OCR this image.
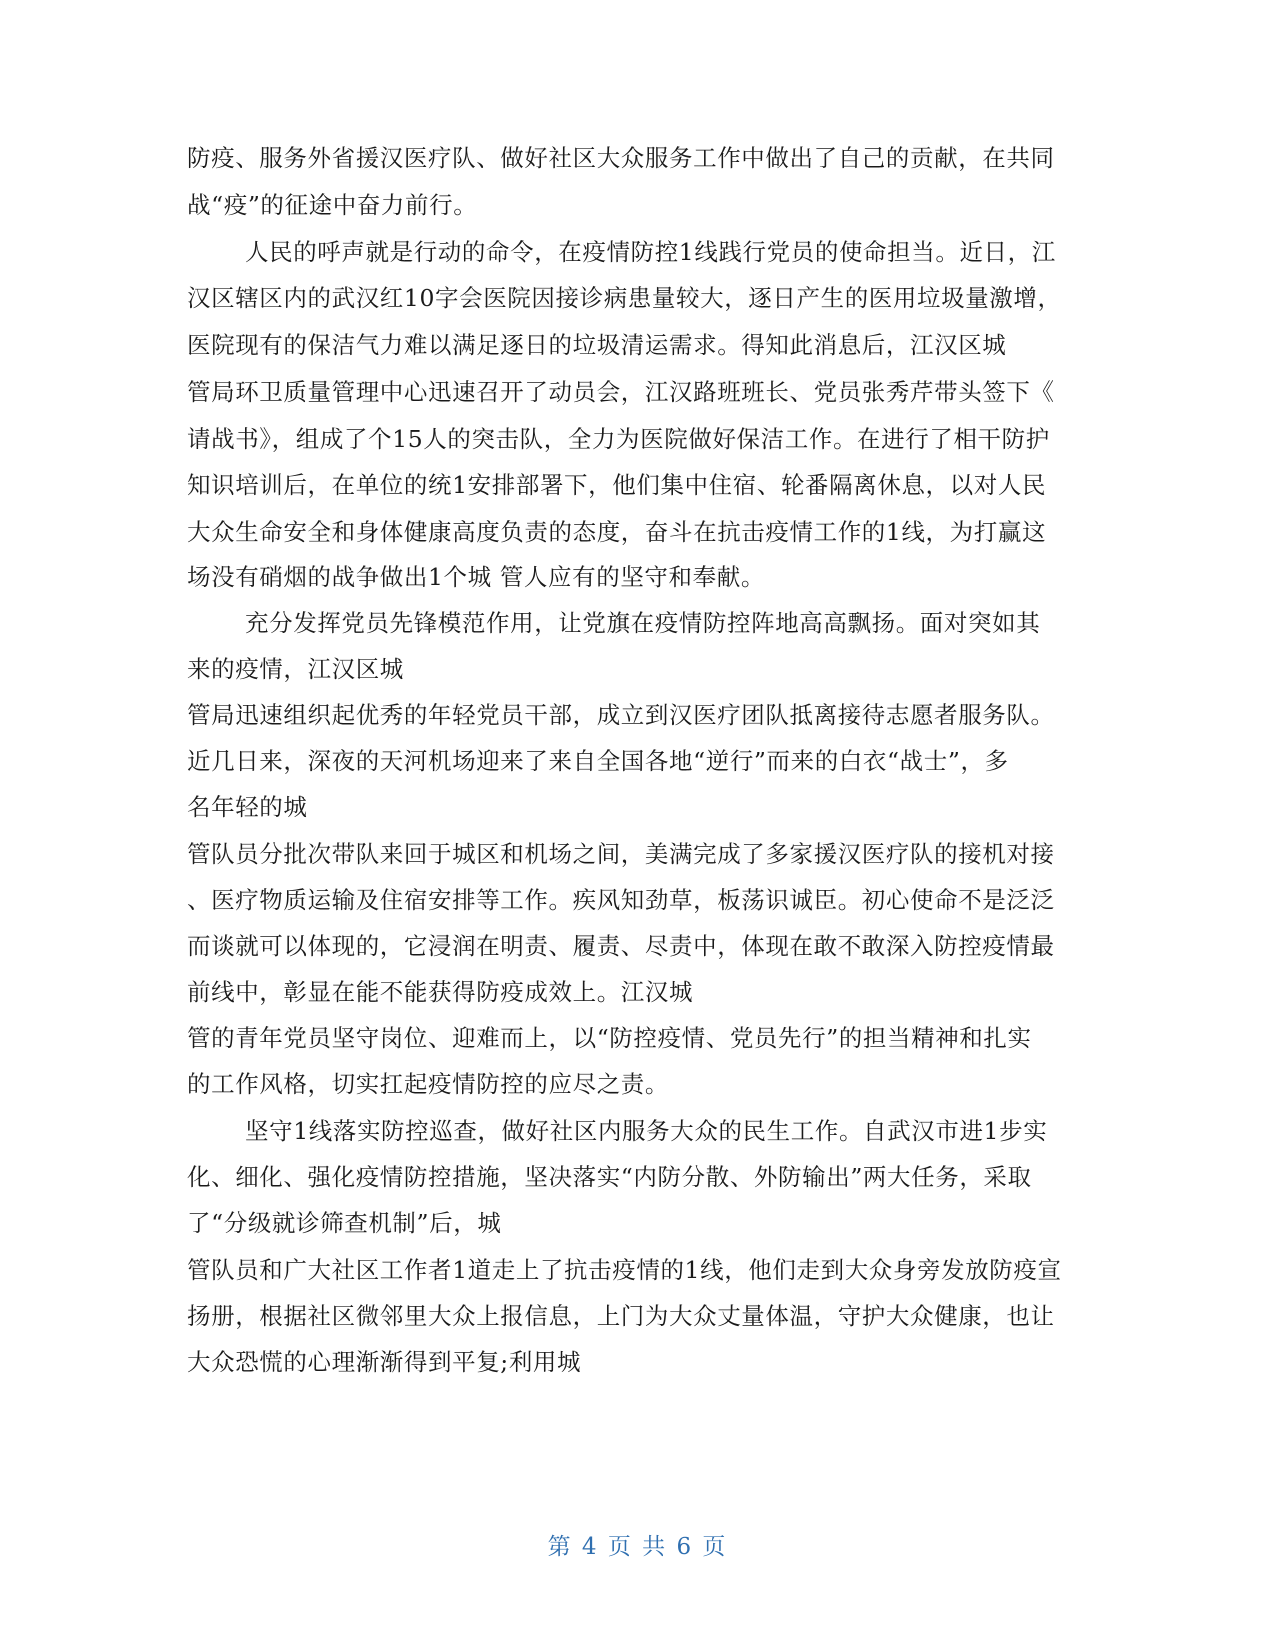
防疫、服务外省援汉医疗队、做好社区大众服务工作中做出了自己的贡献，在共同
战“疫”的征途中奋力前行。
人民的呼声就是行动的命令，在疫情防控1线践行党员的使命担当。近日，江
汉区辖区内的武汉红10字会医院因接诊病患量较大，逐日产生的医用垃圾量激增，
医院现有的保洁气力难以满足逐日的垃圾清运需求。得知此消息后，江汉区城
管局环卫质量管理中心迅速召开了动员会，江汉路班班长、党员张秀芹带头签下《
请战书》，组成了个15人的突击队，全力为医院做好保洁工作。在进行了相干防护
知识培训后，在单位的统1安排部署下，他们集中住宿、轮番隔离休息，以对人民
大众生命安全和身体健康高度负责的态度，奋斗在抗击疫情工作的1线，为打赢这
场没有硝烟的战争做出1个城 管人应有的坚守和奉献。
充分发挥党员先锋模范作用，让党旗在疫情防控阵地高高飘扬。面对突如其
来的疫情，江汉区城
管局迅速组织起优秀的年轻党员干部，成立到汉医疗团队抵离接待志愿者服务队。
近几日来，深夜的天河机场迎来了来自全国各地“逆行”而来的白衣“战士”，多
名年轻的城
管队员分批次带队来回于城区和机场之间，美满完成了多家援汉医疗队的接机对接
、医疗物质运输及住宿安排等工作。疾风知劲草，板荡识诚臣。初心使命不是泛泛
而谈就可以体现的，它浸润在明责、履责、尽责中，体现在敢不敢深入防控疫情最
前线中，彰显在能不能获得防疫成效上。江汉城
管的青年党员坚守岗位、迎难而上，以“防控疫情、党员先行”的担当精神和扎实
的工作风格，切实扛起疫情防控的应尽之责。
坚守1线落实防控巡查，做好社区内服务大众的民生工作。自武汉市进1步实
化、细化、强化疫情防控措施，坚决落实“内防分散、外防输出”两大任务，采取
了“分级就诊筛查机制”后，城
管队员和广大社区工作者1道走上了抗击疫情的1线，他们走到大众身旁发放防疫宣
扬册，根据社区微邻里大众上报信息，上门为大众丈量体温，守护大众健康，也让
大众恐慌的心理渐渐得到平复;利用城
第 4 页 共 6 页
